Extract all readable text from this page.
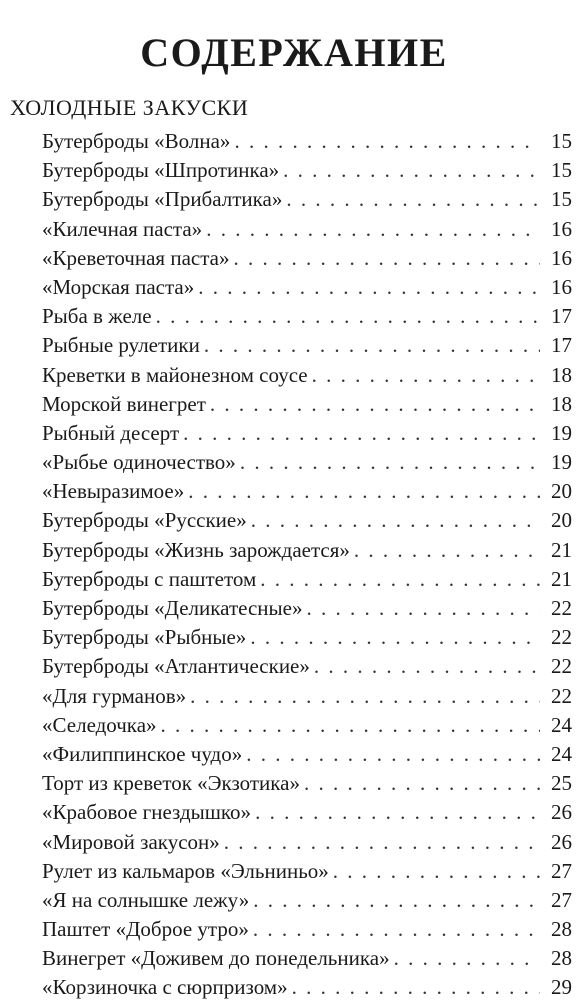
СОДЕРЖАНИЕ
ХОЛОДНЫЕ ЗАКУСКИ
Бутерброды «Волна» . . .	15
Бутерброды «Шпротинка» . . .	15
Бутерброды «Прибалтика» . . .	15
«Килечная паста» . . .	16
«Креветочная паста» . . .	16
«Морская паста» . . .	16
Рыба в желе . . .	17
Рыбные рулетики . . .	17
Креветки в майонезном соусе . . .	18
Морской винегрет . . .	18
Рыбный десерт . . .	19
«Рыбье одиночество» . . .	19
«Невыразимое» . . .	20
Бутерброды «Русские» . . .	20
Бутерброды «Жизнь зарождается» . . .	21
Бутерброды с паштетом . . .	21
Бутерброды «Деликатесные» . . .	22
Бутерброды «Рыбные» . . .	22
Бутерброды «Атлантические» . . .	22
«Для гурманов» . . .	22
«Селедочка» . . .	24
«Филиппинское чудо» . . .	24
Торт из креветок «Экзотика» . . .	25
«Крабовое гнездышко» . . .	26
«Мировой закусон» . . .	26
Рулет из кальмаров «Эльниньо» . . .	27
«Я на солнышке лежу» . . .	27
Паштет «Доброе утро» . . .	28
Винегрет «Доживем до понедельника» . . .	28
«Корзиночка с сюрпризом» . . .	29
